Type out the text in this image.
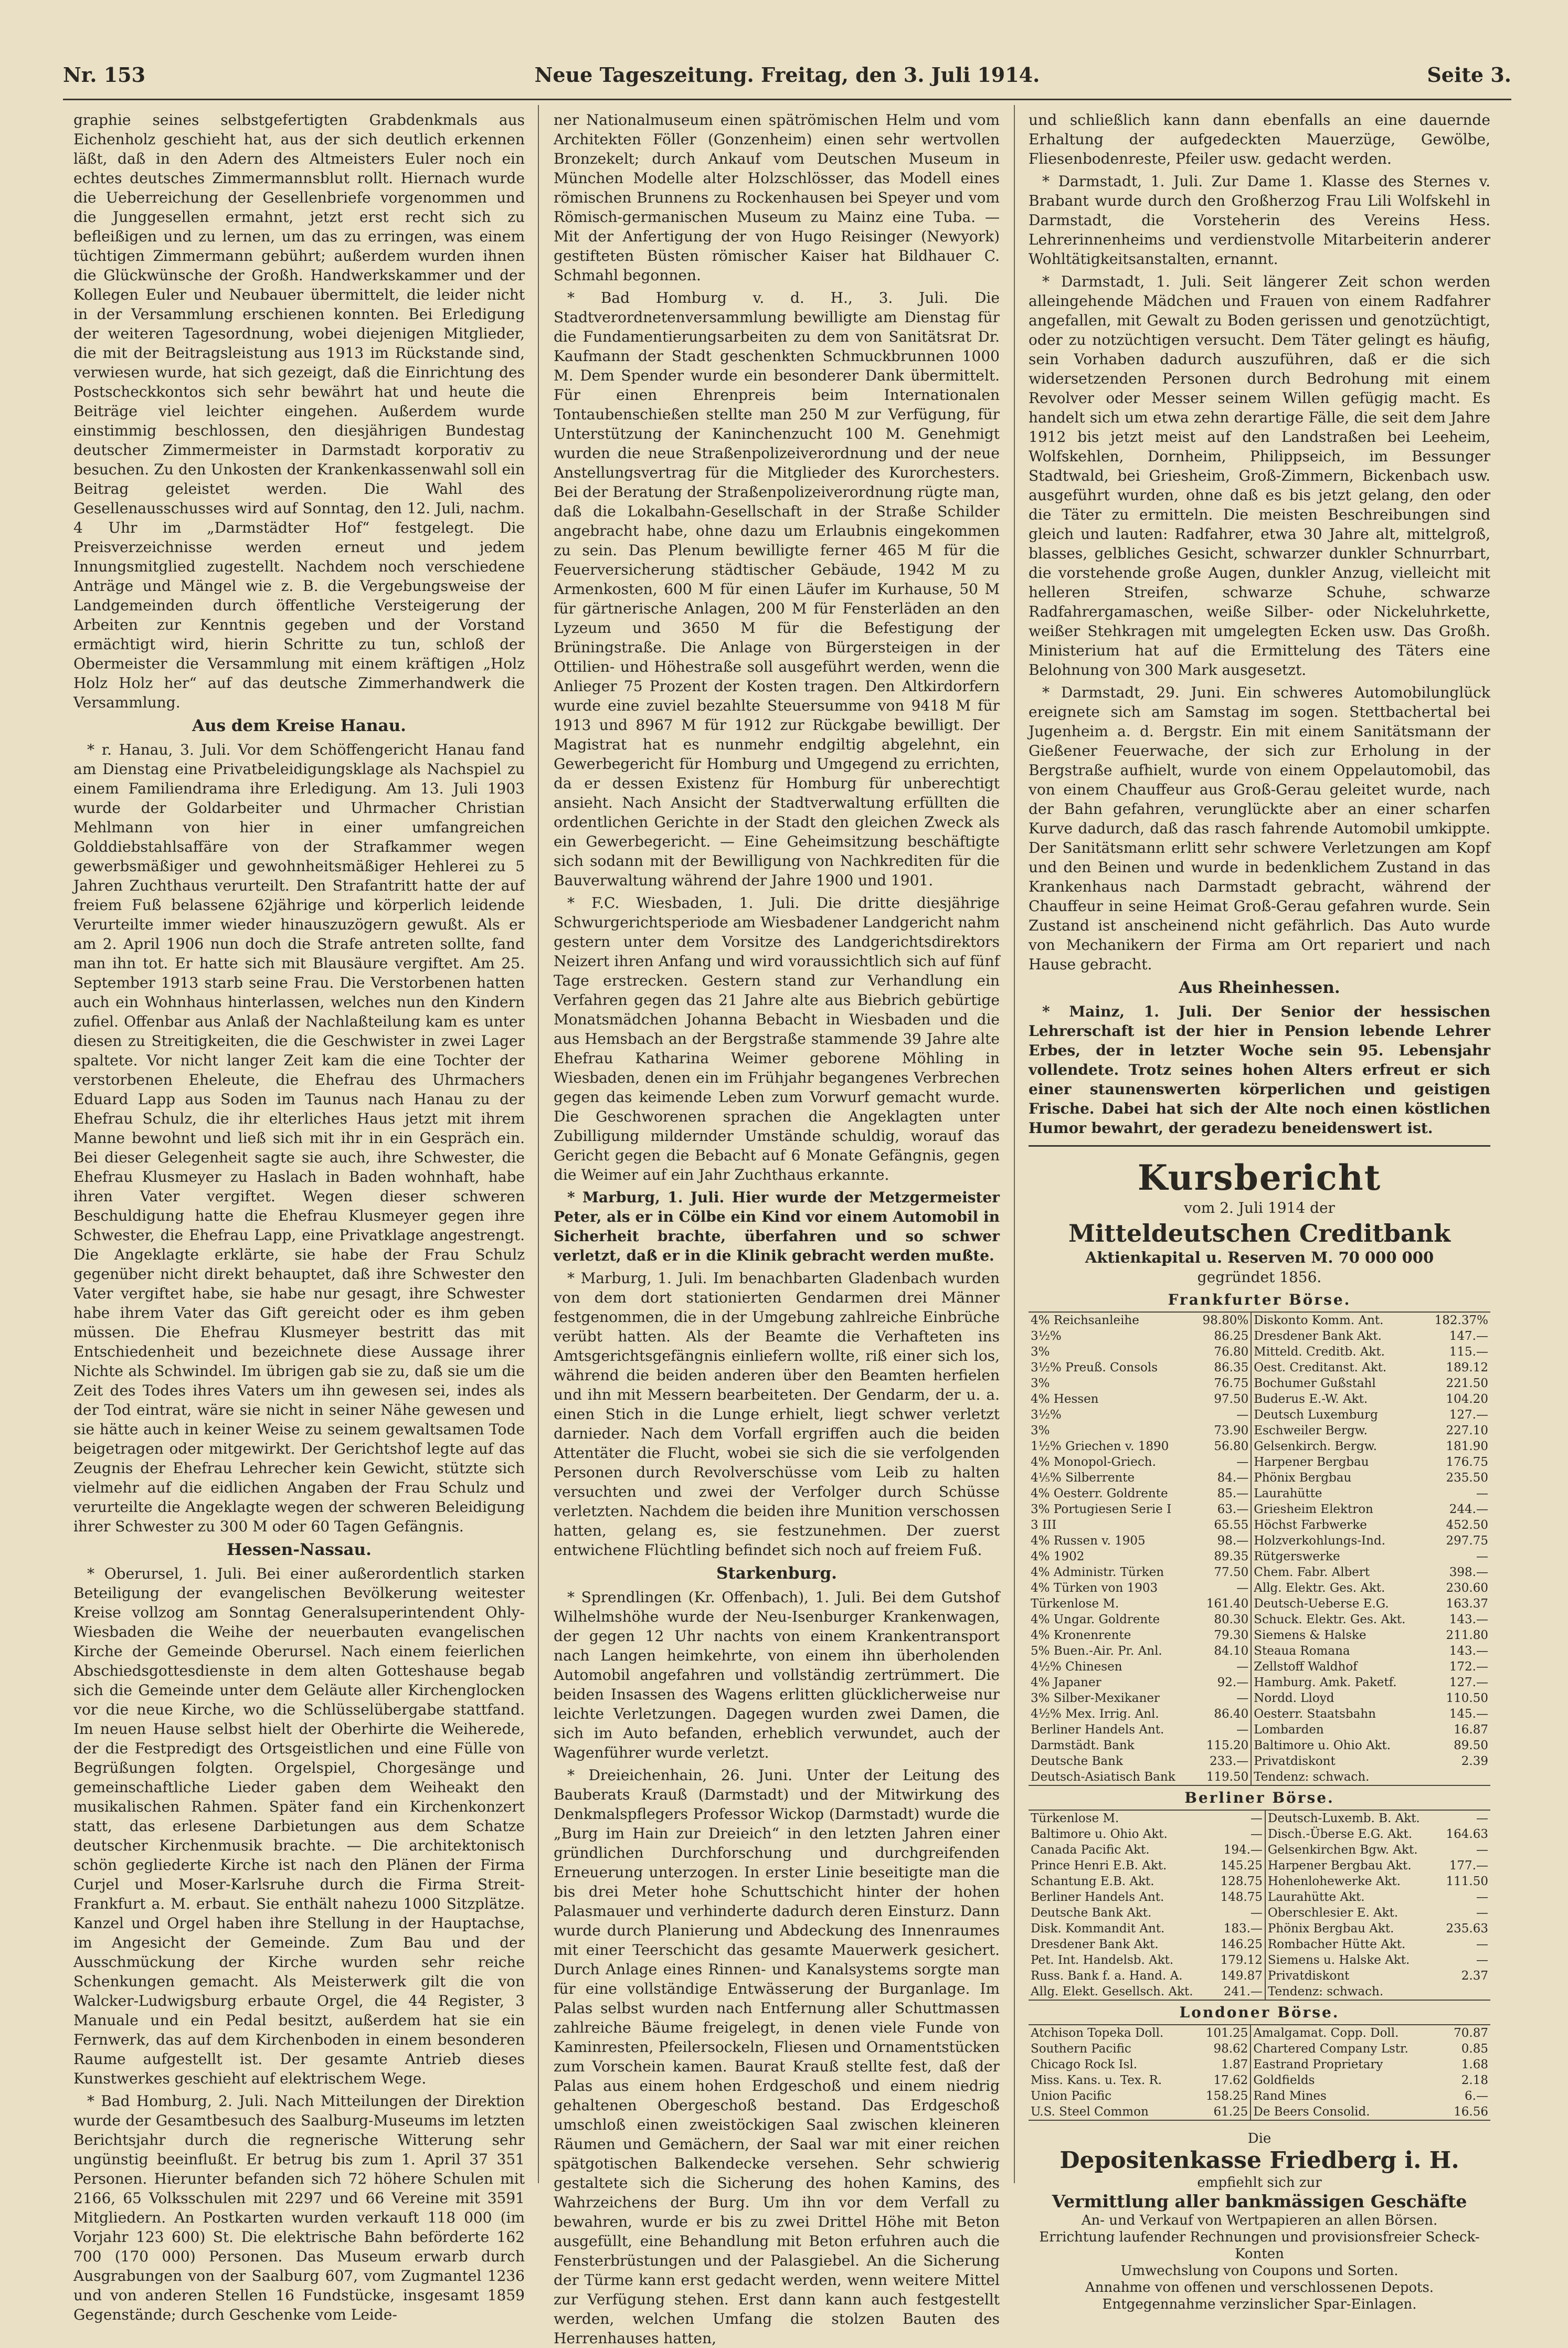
Nr. 153	Neue Tageszeitung. Freitag, den 3. Juli 1914.	Seite 3.

graphie seines selbstgefertigten Grabdenkmals aus Eichenholz geschieht hat, aus der sich deutlich erkennen läßt, daß in den Adern des Altmeisters Euler noch ein echtes deutsches Zimmermannsblut rollt. Hiernach wurde die Ueberreichung der Gesellenbriefe vorgenommen und die Junggesellen ermahnt, jetzt erst recht sich zu befleißigen und zu lernen, um das zu erringen, was einem tüchtigen Zimmermann gebührt; außerdem wurden ihnen die Glückwünsche der Großh. Handwerkskammer und der Kollegen Euler und Neubauer übermittelt, die leider nicht in der Versammlung erschienen konnten. Bei Erledigung der weiteren Tagesordnung, wobei diejenigen Mitglieder, die mit der Beitragsleistung aus 1913 im Rückstande sind, verwiesen wurde, hat sich gezeigt, daß die Einrichtung des Postscheckkontos sich sehr bewährt hat und heute die Beiträge viel leichter eingehen. Außerdem wurde einstimmig beschlossen, den diesjährigen Bundestag deutscher Zimmermeister in Darmstadt korporativ zu besuchen. Zu den Unkosten der Krankenkassenwahl soll ein Beitrag geleistet werden. Die Wahl des Gesellenausschusses wird auf Sonntag, den 12. Juli, nachm. 4 Uhr im „Darmstädter Hof“ festgelegt. Die Preisverzeichnisse werden erneut und jedem Innungsmitglied zugestellt. Nachdem noch verschiedene Anträge und Mängel wie z. B. die Vergebungsweise der Landgemeinden durch öffentliche Versteigerung der Arbeiten zur Kenntnis gegeben und der Vorstand ermächtigt wird, hierin Schritte zu tun, schloß der Obermeister die Versammlung mit einem kräftigen „Holz Holz Holz her“ auf das deutsche Zimmerhandwerk die Versammlung.

Aus dem Kreise Hanau.

* r. Hanau, 3. Juli. Vor dem Schöffengericht Hanau fand am Dienstag eine Privatbeleidigungsklage als Nachspiel zu einem Familiendrama ihre Erledigung. Am 13. Juli 1903 wurde der Goldarbeiter und Uhrmacher Christian Mehlmann von hier in einer umfangreichen Golddiebstahlsaffäre von der Strafkammer wegen gewerbsmäßiger und gewohnheitsmäßiger Hehlerei zu 5 Jahren Zuchthaus verurteilt. Den Strafantritt hatte der auf freiem Fuß belassene 62jährige und körperlich leidende Verurteilte immer wieder hinauszuzögern gewußt. Als er am 2. April 1906 nun doch die Strafe antreten sollte, fand man ihn tot. Er hatte sich mit Blausäure vergiftet. Am 25. September 1913 starb seine Frau. Die Verstorbenen hatten auch ein Wohnhaus hinterlassen, welches nun den Kindern zufiel. Offenbar aus Anlaß der Nachlaßteilung kam es unter diesen zu Streitigkeiten, die die Geschwister in zwei Lager spaltete. Vor nicht langer Zeit kam die eine Tochter der verstorbenen Eheleute, die Ehefrau des Uhrmachers Eduard Lapp aus Soden im Taunus nach Hanau zu der Ehefrau Schulz, die ihr elterliches Haus jetzt mit ihrem Manne bewohnt und ließ sich mit ihr in ein Gespräch ein. Bei dieser Gelegenheit sagte sie auch, ihre Schwester, die Ehefrau Klusmeyer zu Haslach in Baden wohnhaft, habe ihren Vater vergiftet. Wegen dieser schweren Beschuldigung hatte die Ehefrau Klusmeyer gegen ihre Schwester, die Ehefrau Lapp, eine Privatklage angestrengt. Die Angeklagte erklärte, sie habe der Frau Schulz gegenüber nicht direkt behauptet, daß ihre Schwester den Vater vergiftet habe, sie habe nur gesagt, ihre Schwester habe ihrem Vater das Gift gereicht oder es ihm geben müssen. Die Ehefrau Klusmeyer bestritt das mit Entschiedenheit und bezeichnete diese Aussage ihrer Nichte als Schwindel. Im übrigen gab sie zu, daß sie um die Zeit des Todes ihres Vaters um ihn gewesen sei, indes als der Tod eintrat, wäre sie nicht in seiner Nähe gewesen und sie hätte auch in keiner Weise zu seinem gewaltsamen Tode beigetragen oder mitgewirkt. Der Gerichtshof legte auf das Zeugnis der Ehefrau Lehrecher kein Gewicht, stützte sich vielmehr auf die eidlichen Angaben der Frau Schulz und verurteilte die Angeklagte wegen der schweren Beleidigung ihrer Schwester zu 300 M oder 60 Tagen Gefängnis.

Hessen-Nassau.

* Oberursel, 1. Juli. Bei einer außerordentlich starken Beteiligung der evangelischen Bevölkerung weitester Kreise vollzog am Sonntag Generalsuperintendent Ohly-Wiesbaden die Weihe der neuerbauten evangelischen Kirche der Gemeinde Oberursel. Nach einem feierlichen Abschiedsgottesdienste in dem alten Gotteshause begab sich die Gemeinde unter dem Geläute aller Kirchenglocken vor die neue Kirche, wo die Schlüsselübergabe stattfand. Im neuen Hause selbst hielt der Oberhirte die Weiherede, der die Festpredigt des Ortsgeistlichen und eine Fülle von Begrüßungen folgten. Orgelspiel, Chorgesänge und gemeinschaftliche Lieder gaben dem Weiheakt den musikalischen Rahmen. Später fand ein Kirchenkonzert statt, das erlesene Darbietungen aus dem Schatze deutscher Kirchenmusik brachte. — Die architektonisch schön gegliederte Kirche ist nach den Plänen der Firma Curjel und Moser-Karlsruhe durch die Firma Streit-Frankfurt a. M. erbaut. Sie enthält nahezu 1000 Sitzplätze. Kanzel und Orgel haben ihre Stellung in der Hauptachse, im Angesicht der Gemeinde. Zum Bau und der Ausschmückung der Kirche wurden sehr reiche Schenkungen gemacht. Als Meisterwerk gilt die von Walcker-Ludwigsburg erbaute Orgel, die 44 Register, 3 Manuale und ein Pedal besitzt, außerdem hat sie ein Fernwerk, das auf dem Kirchenboden in einem besonderen Raume aufgestellt ist. Der gesamte Antrieb dieses Kunstwerkes geschieht auf elektrischem Wege.

* Bad Homburg, 2. Juli. Nach Mitteilungen der Direktion wurde der Gesamtbesuch des Saalburg-Museums im letzten Berichtsjahr durch die regnerische Witterung sehr ungünstig beeinflußt. Er betrug bis zum 1. April 37 351 Personen. Hierunter befanden sich 72 höhere Schulen mit 2166, 65 Volksschulen mit 2297 und 66 Vereine mit 3591 Mitgliedern. An Postkarten wurden verkauft 118 000 (im Vorjahr 123 600) St. Die elektrische Bahn beförderte 162 700 (170 000) Personen. Das Museum erwarb durch Ausgrabungen von der Saalburg 607, vom Zugmantel 1236 und von anderen Stellen 16 Fundstücke, insgesamt 1859 Gegenstände; durch Geschenke vom Leide-

ner Nationalmuseum einen spätrömischen Helm und vom Architekten Föller (Gonzenheim) einen sehr wertvollen Bronzekelt; durch Ankauf vom Deutschen Museum in München Modelle alter Holzschlösser, das Modell eines römischen Brunnens zu Rockenhausen bei Speyer und vom Römisch-germanischen Museum zu Mainz eine Tuba. — Mit der Anfertigung der von Hugo Reisinger (Newyork) gestifteten Büsten römischer Kaiser hat Bildhauer C. Schmahl begonnen.

* Bad Homburg v. d. H., 3. Juli. Die Stadtverordnetenversammlung bewilligte am Dienstag für die Fundamentierungsarbeiten zu dem von Sanitätsrat Dr. Kaufmann der Stadt geschenkten Schmuckbrunnen 1000 M. Dem Spender wurde ein besonderer Dank übermittelt. Für einen Ehrenpreis beim Internationalen Tontaubenschießen stellte man 250 M zur Verfügung, für Unterstützung der Kaninchenzucht 100 M. Genehmigt wurden die neue Straßenpolizeiverordnung und der neue Anstellungsvertrag für die Mitglieder des Kurorchesters. Bei der Beratung der Straßenpolizeiverordnung rügte man, daß die Lokalbahn-Gesellschaft in der Straße Schilder angebracht habe, ohne dazu um Erlaubnis eingekommen zu sein. Das Plenum bewilligte ferner 465 M für die Feuerversicherung städtischer Gebäude, 1942 M zu Armenkosten, 600 M für einen Läufer im Kurhause, 50 M für gärtnerische Anlagen, 200 M für Fensterläden an den Lyzeum und 3650 M für die Befestigung der Brüningstraße. Die Anlage von Bürgersteigen in der Ottilien- und Höhestraße soll ausgeführt werden, wenn die Anlieger 75 Prozent der Kosten tragen. Den Altkirdorfern wurde eine zuviel bezahlte Steuersumme von 9418 M für 1913 und 8967 M für 1912 zur Rückgabe bewilligt. Der Magistrat hat es nunmehr endgiltig abgelehnt, ein Gewerbegericht für Homburg und Umgegend zu errichten, da er dessen Existenz für Homburg für unberechtigt ansieht. Nach Ansicht der Stadtverwaltung erfüllten die ordentlichen Gerichte in der Stadt den gleichen Zweck als ein Gewerbegericht. — Eine Geheimsitzung beschäftigte sich sodann mit der Bewilligung von Nachkrediten für die Bauverwaltung während der Jahre 1900 und 1901.

* F.C. Wiesbaden, 1. Juli. Die dritte diesjährige Schwurgerichtsperiode am Wiesbadener Landgericht nahm gestern unter dem Vorsitze des Landgerichtsdirektors Neizert ihren Anfang und wird voraussichtlich sich auf fünf Tage erstrecken. Gestern stand zur Verhandlung ein Verfahren gegen das 21 Jahre alte aus Biebrich gebürtige Monatsmädchen Johanna Bebacht in Wiesbaden und die aus Hemsbach an der Bergstraße stammende 39 Jahre alte Ehefrau Katharina Weimer geborene Möhling in Wiesbaden, denen ein im Frühjahr begangenes Verbrechen gegen das keimende Leben zum Vorwurf gemacht wurde. Die Geschworenen sprachen die Angeklagten unter Zubilligung mildernder Umstände schuldig, worauf das Gericht gegen die Bebacht auf 6 Monate Gefängnis, gegen die Weimer auf ein Jahr Zuchthaus erkannte.

* Marburg, 1. Juli. Hier wurde der Metzgermeister Peter, als er in Cölbe ein Kind vor einem Automobil in Sicherheit brachte, überfahren und so schwer verletzt, daß er in die Klinik gebracht werden mußte.

* Marburg, 1. Juli. Im benachbarten Gladenbach wurden von dem dort stationierten Gendarmen drei Männer festgenommen, die in der Umgebung zahlreiche Einbrüche verübt hatten. Als der Beamte die Verhafteten ins Amtsgerichtsgefängnis einliefern wollte, riß einer sich los, während die beiden anderen über den Beamten herfielen und ihn mit Messern bearbeiteten. Der Gendarm, der u. a. einen Stich in die Lunge erhielt, liegt schwer verletzt darnieder. Nach dem Vorfall ergriffen auch die beiden Attentäter die Flucht, wobei sie sich die sie verfolgenden Personen durch Revolverschüsse vom Leib zu halten versuchten und zwei der Verfolger durch Schüsse verletzten. Nachdem die beiden ihre Munition verschossen hatten, gelang es, sie festzunehmen. Der zuerst entwichene Flüchtling befindet sich noch auf freiem Fuß.

Starkenburg.

* Sprendlingen (Kr. Offenbach), 1. Juli. Bei dem Gutshof Wilhelmshöhe wurde der Neu-Isenburger Krankenwagen, der gegen 12 Uhr nachts von einem Krankentransport nach Langen heimkehrte, von einem ihn überholenden Automobil angefahren und vollständig zertrümmert. Die beiden Insassen des Wagens erlitten glücklicherweise nur leichte Verletzungen. Dagegen wurden zwei Damen, die sich im Auto befanden, erheblich verwundet, auch der Wagenführer wurde verletzt.

* Dreieichenhain, 26. Juni. Unter der Leitung des Bauberats Krauß (Darmstadt) und der Mitwirkung des Denkmalspflegers Professor Wickop (Darmstadt) wurde die „Burg im Hain zur Dreieich“ in den letzten Jahren einer gründlichen Durchforschung und durchgreifenden Erneuerung unterzogen. In erster Linie beseitigte man die bis drei Meter hohe Schuttschicht hinter der hohen Palasmauer und verhinderte dadurch deren Einsturz. Dann wurde durch Planierung und Abdeckung des Innenraumes mit einer Teerschicht das gesamte Mauerwerk gesichert. Durch Anlage eines Rinnen- und Kanalsystems sorgte man für eine vollständige Entwässerung der Burganlage. Im Palas selbst wurden nach Entfernung aller Schuttmassen zahlreiche Bäume freigelegt, in denen viele Funde von Kaminresten, Pfeilersockeln, Fliesen und Ornamentstücken zum Vorschein kamen. Baurat Krauß stellte fest, daß der Palas aus einem hohen Erdgeschoß und einem niedrig gehaltenen Obergeschoß bestand. Das Erdgeschoß umschloß einen zweistöckigen Saal zwischen kleineren Räumen und Gemächern, der Saal war mit einer reichen spätgotischen Balkendecke versehen. Sehr schwierig gestaltete sich die Sicherung des hohen Kamins, des Wahrzeichens der Burg. Um ihn vor dem Verfall zu bewahren, wurde er bis zu zwei Drittel Höhe mit Beton ausgefüllt, eine Behandlung mit Beton erfuhren auch die Fensterbrüstungen und der Palasgiebel. An die Sicherung der Türme kann erst gedacht werden, wenn weitere Mittel zur Verfügung stehen. Erst dann kann auch festgestellt werden, welchen Umfang die stolzen Bauten des Herrenhauses hatten,

und schließlich kann dann ebenfalls an eine dauernde Erhaltung der aufgedeckten Mauerzüge, Gewölbe, Fliesenbodenreste, Pfeiler usw. gedacht werden.

* Darmstadt, 1. Juli. Zur Dame 1. Klasse des Sternes v. Brabant wurde durch den Großherzog Frau Lili Wolfskehl in Darmstadt, die Vorsteherin des Vereins Hess. Lehrerinnenheims und verdienstvolle Mitarbeiterin anderer Wohltätigkeitsanstalten, ernannt.

* Darmstadt, 1. Juli. Seit längerer Zeit schon werden alleingehende Mädchen und Frauen von einem Radfahrer angefallen, mit Gewalt zu Boden gerissen und genotzüchtigt, oder zu notzüchtigen versucht. Dem Täter gelingt es häufig, sein Vorhaben dadurch auszuführen, daß er die sich widersetzenden Personen durch Bedrohung mit einem Revolver oder Messer seinem Willen gefügig macht. Es handelt sich um etwa zehn derartige Fälle, die seit dem Jahre 1912 bis jetzt meist auf den Landstraßen bei Leeheim, Wolfskehlen, Dornheim, Philippseich, im Bessunger Stadtwald, bei Griesheim, Groß-Zimmern, Bickenbach usw. ausgeführt wurden, ohne daß es bis jetzt gelang, den oder die Täter zu ermitteln. Die meisten Beschreibungen sind gleich und lauten: Radfahrer, etwa 30 Jahre alt, mittelgroß, blasses, gelbliches Gesicht, schwarzer dunkler Schnurrbart, die vorstehende große Augen, dunkler Anzug, vielleicht mit helleren Streifen, schwarze Schuhe, schwarze Radfahrergamaschen, weiße Silber- oder Nickeluhrkette, weißer Stehkragen mit umgelegten Ecken usw. Das Großh. Ministerium hat auf die Ermittelung des Täters eine Belohnung von 300 Mark ausgesetzt.

* Darmstadt, 29. Juni. Ein schweres Automobilunglück ereignete sich am Samstag im sogen. Stettbachertal bei Jugenheim a. d. Bergstr. Ein mit einem Sanitätsmann der Gießener Feuerwache, der sich zur Erholung in der Bergstraße aufhielt, wurde von einem Oppelautomobil, das von einem Chauffeur aus Groß-Gerau geleitet wurde, nach der Bahn gefahren, verunglückte aber an einer scharfen Kurve dadurch, daß das rasch fahrende Automobil umkippte. Der Sanitätsmann erlitt sehr schwere Verletzungen am Kopf und den Beinen und wurde in bedenklichem Zustand in das Krankenhaus nach Darmstadt gebracht, während der Chauffeur in seine Heimat Groß-Gerau gefahren wurde. Sein Zustand ist anscheinend nicht gefährlich. Das Auto wurde von Mechanikern der Firma am Ort repariert und nach Hause gebracht.

Aus Rheinhessen.

* Mainz, 1. Juli. Der Senior der hessischen Lehrerschaft ist der hier in Pension lebende Lehrer Erbes, der in letzter Woche sein 95. Lebensjahr vollendete. Trotz seines hohen Alters erfreut er sich einer staunenswerten körperlichen und geistigen Frische. Dabei hat sich der Alte noch einen köstlichen Humor bewahrt, der geradezu beneidenswert ist.

Kursbericht
vom 2. Juli 1914 der
Mitteldeutschen Creditbank
Aktienkapital u. Reserven M. 70 000 000
gegründet 1856.
Frankfurter Börse.
4% Reichsanleihe	98.80%	Diskonto Komm. Ant.	182.37%
3½%	86.25	Dresdener Bank Akt.	147.—
3%	76.80	Mitteld. Creditb. Akt.	115.—
3½% Preuß. Consols	86.35	Oest. Creditanst. Akt.	189.12
3%	76.75	Bochumer Gußstahl	221.50
4% Hessen	97.50	Buderus E.-W. Akt.	104.20
3½%	—	Deutsch Luxemburg	127.—
3%	73.90	Eschweiler Bergw.	227.10
1½% Griechen v. 1890	56.80	Gelsenkirch. Bergw.	181.90
4% Monopol-Griech.	—	Harpener Bergbau	176.75
4⅕% Silberrente	84.—	Phönix Bergbau	235.50
4% Oesterr. Goldrente	85.—	Laurahütte	—
3% Portugiesen Serie I	63.—	Griesheim Elektron	244.—
3 III	65.55	Höchst Farbwerke	452.50
4% Russen v. 1905	98.—	Holzverkohlungs-Ind.	297.75
4% 1902	89.35	Rütgerswerke	—
4% Administr. Türken	77.50	Chem. Fabr. Albert	398.—
4% Türken von 1903	—	Allg. Elektr. Ges. Akt.	230.60
Türkenlose M.	161.40	Deutsch-Ueberse E.G.	163.37
4% Ungar. Goldrente	80.30	Schuck. Elektr. Ges. Akt.	143.—
4% Kronenrente	79.30	Siemens & Halske	211.80
5% Buen.-Air. Pr. Anl.	84.10	Steaua Romana	143.—
4½% Chinesen	—	Zellstoff Waldhof	172.—
4% Japaner	92.—	Hamburg. Amk. Paketf.	127.—
3% Silber-Mexikaner	—	Nordd. Lloyd	110.50
4½% Mex. Irrig. Anl.	86.40	Oesterr. Staatsbahn	145.—
Berliner Handels Ant.	—	Lombarden	16.87
Darmstädt. Bank	115.20	Baltimore u. Ohio Akt.	89.50
Deutsche Bank	233.—	Privatdiskont	2.39
Deutsch-Asiatisch Bank	119.50	Tendenz: schwach.	
Berliner Börse.
Türkenlose M.	—	Deutsch-Luxemb. B. Akt.	—
Baltimore u. Ohio Akt.	—	Disch.-Überse E.G. Akt.	164.63
Canada Pacific Akt.	194.—	Gelsenkirchen Bgw. Akt.	—
Prince Henri E.B. Akt.	145.25	Harpener Bergbau Akt.	177.—
Schantung E.B. Akt.	128.75	Hohenlohewerke Akt.	111.50
Berliner Handels Ant.	148.75	Laurahütte Akt.	—
Deutsche Bank Akt.	—	Oberschlesier E. Akt.	—
Disk. Kommandit Ant.	183.—	Phönix Bergbau Akt.	235.63
Dresdener Bank Akt.	146.25	Rombacher Hütte Akt.	—
Pet. Int. Handelsb. Akt.	179.12	Siemens u. Halske Akt.	—
Russ. Bank f. a. Hand. A.	149.87	Privatdiskont	2.37
Allg. Elekt. Gesellsch. Akt.	241.—	Tendenz: schwach.	
Londoner Börse.
Atchison Topeka Doll.	101.25	Amalgamat. Copp. Doll.	70.87
Southern Pacific	98.62	Chartered Company Lstr.	0.85
Chicago Rock Isl.	1.87	Eastrand Proprietary	1.68
Miss. Kans. u. Tex. R.	17.62	Goldfields	2.18
Union Pacific	158.25	Rand Mines	6.—
U.S. Steel Common	61.25	De Beers Consolid.	16.56
Die
Depositenkasse Friedberg i. H.
empfiehlt sich zur
Vermittlung aller bankmässigen Geschäfte
An- und Verkauf von Wertpapieren an allen Börsen.
Errichtung laufender Rechnungen und provisionsfreier Scheck-Konten
Umwechslung von Coupons und Sorten.
Annahme von offenen und verschlossenen Depots.
Entgegennahme verzinslicher Spar-Einlagen.
